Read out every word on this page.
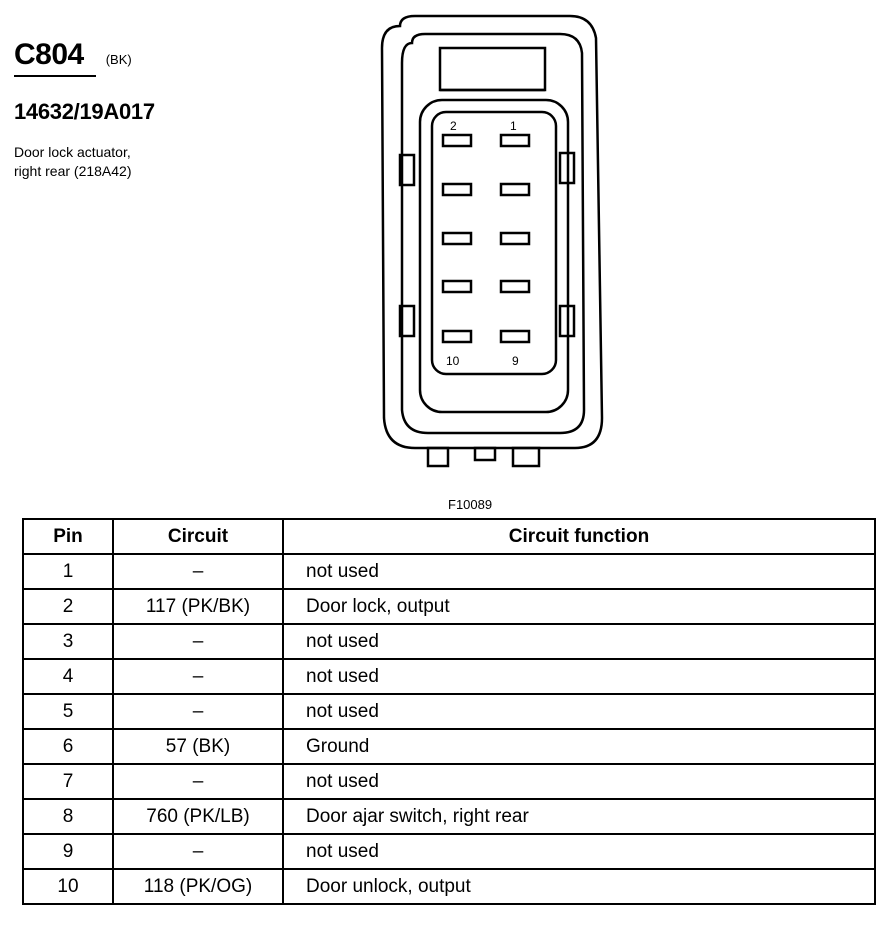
C804 (BK)
14632/19A017
Door lock actuator,
right rear (218A42)
2	1
10	9
F10089
Pin	Circuit	Circuit function
1	–	not used
2	117 (PK/BK)	Door lock, output
3	–	not used
4	–	not used
5	–	not used
6	57 (BK)	Ground
7	–	not used
8	760 (PK/LB)	Door ajar switch, right rear
9	–	not used
10	118 (PK/OG)	Door unlock, output
